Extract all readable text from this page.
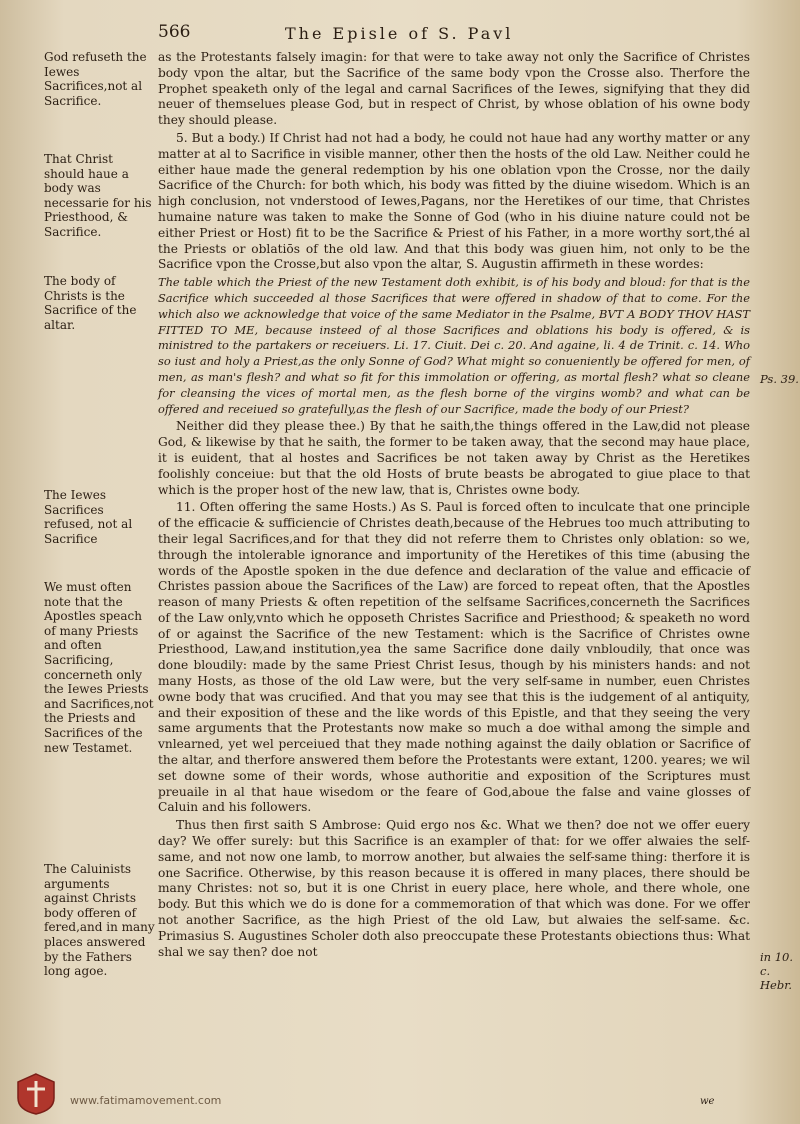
566	The Episle of S. Pavl
God refuseth the Iewes Sacrifices,not al Sacrifice.
That Christ should haue a body was necessarie for his Priesthood, & Sacrifice.
The body of Christs is the Sacrifice of the altar.
The Iewes Sacrifices refused, not al Sacrifice
We must often note that the Apostles speach of many Priests and often Sacrificing, concerneth only the Iewes Priests and Sacrifices,not the Priests and Sacrifices of the new Testamet.
The Caluinists arguments against Christs body offeren of fered,and in many places answered by the Fathers long agoe.
Ps. 39.
in 10. c. Hebr.

as the Protestants falsely imagin: for that were to take away not only the Sacrifice of Christes body vpon the altar, but the Sacrifice of the same body vpon the Crosse also. Therfore the Prophet speaketh only of the legal and carnal Sacrifices of the Iewes, signifying that they did neuer of themselues please God, but in respect of Christ, by whose oblation of his owne body they should please.

5. But a body.) If Christ had not had a body, he could not haue had any worthy matter or any matter at al to Sacrifice in visible manner, other then the hosts of the old Law. Neither could he either haue made the general redemption by his one oblation vpon the Crosse, nor the daily Sacrifice of the Church: for both which, his body was fitted by the diuine wisedom. Which is an high conclusion, not vnderstood of Iewes,Pagans, nor the Heretikes of our time, that Christes humaine nature was taken to make the Sonne of God (who in his diuine nature could not be either Priest or Host) fit to be the Sacrifice & Priest of his Father, in a more worthy sort,thé al the Priests or oblatiōs of the old law. And that this body was giuen him, not only to be the Sacrifice vpon the Crosse,but also vpon the altar, S. Augustin affirmeth in these wordes:

The table which the Priest of the new Testament doth exhibit, is of his body and bloud: for that is the Sacrifice which succeeded al those Sacrifices that were offered in shadow of that to come. For the which also we acknowledge that voice of the same Mediator in the Psalme, BVT A BODY THOV HAST FITTED TO ME, because insteed of al those Sacrifices and oblations his body is offered, & is ministred to the partakers or receiuers. Li. 17. Ciuit. Dei c. 20. And againe, li. 4 de Trinit. c. 14. Who so iust and holy a Priest,as the only Sonne of God? What might so conueniently be offered for men, of men, as man's flesh? and what so fit for this immolation or offering, as mortal flesh? what so cleane for cleansing the vices of mortal men, as the flesh borne of the virgins womb? and what can be offered and receiued so gratefully,as the flesh of our Sacrifice, made the body of our Priest?

Neither did they please thee.) By that he saith,the things offered in the Law,did not please God, & likewise by that he saith, the former to be taken away, that the second may haue place, it is euident, that al hostes and Sacrifices be not taken away by Christ as the Heretikes foolishly conceiue: but that the old Hosts of brute beasts be abrogated to giue place to that which is the proper host of the new law, that is, Christes owne body.

11. Often offering the same Hosts.) As S. Paul is forced often to inculcate that one principle of the efficacie & sufficiencie of Christes death,because of the Hebrues too much attributing to their legal Sacrifices,and for that they did not referre them to Christes only oblation: so we, through the intolerable ignorance and importunity of the Heretikes of this time (abusing the words of the Apostle spoken in the due defence and declaration of the value and efficacie of Christes passion aboue the Sacrifices of the Law) are forced to repeat often, that the Apostles reason of many Priests & often repetition of the selfsame Sacrifices,concerneth the Sacrifices of the Law only,vnto which he opposeth Christes Sacrifice and Priesthood; & speaketh no word of or against the Sacrifice of the new Testament: which is the Sacrifice of Christes owne Priesthood, Law,and institution,yea the same Sacrifice done daily vnbloudily, that once was done bloudily: made by the same Priest Christ Iesus, though by his ministers hands: and not many Hosts, as those of the old Law were, but the very self-same in number, euen Christes owne body that was crucified. And that you may see that this is the iudgement of al antiquity, and their exposition of these and the like words of this Epistle, and that they seeing the very same arguments that the Protestants now make so much a doe withal among the simple and vnlearned, yet wel perceiued that they made nothing against the daily oblation or Sacrifice of the altar, and therfore answered them before the Protestants were extant, 1200. yeares; we wil set downe some of their words, whose authoritie and exposition of the Scriptures must preuaile in al that haue wisedom or the feare of God,aboue the false and vaine glosses of Caluin and his followers.

Thus then first saith S Ambrose: Quid ergo nos &c. What we then? doe not we offer euery day? We offer surely: but this Sacrifice is an exampler of that: for we offer alwaies the self-same, and not now one lamb, to morrow another, but alwaies the self-same thing: therfore it is one Sacrifice. Otherwise, by this reason because it is offered in many places, there should be many Christes: not so, but it is one Christ in euery place, here whole, and there whole, one body. But this which we do is done for a commemoration of that which was done. For we offer not another Sacrifice, as the high Priest of the old Law, but alwaies the self-same. &c. Primasius S. Augustines Scholer doth also preoccupate these Protestants obiections thus: What shal we say then? doe not

we
www.fatimamovement.com
